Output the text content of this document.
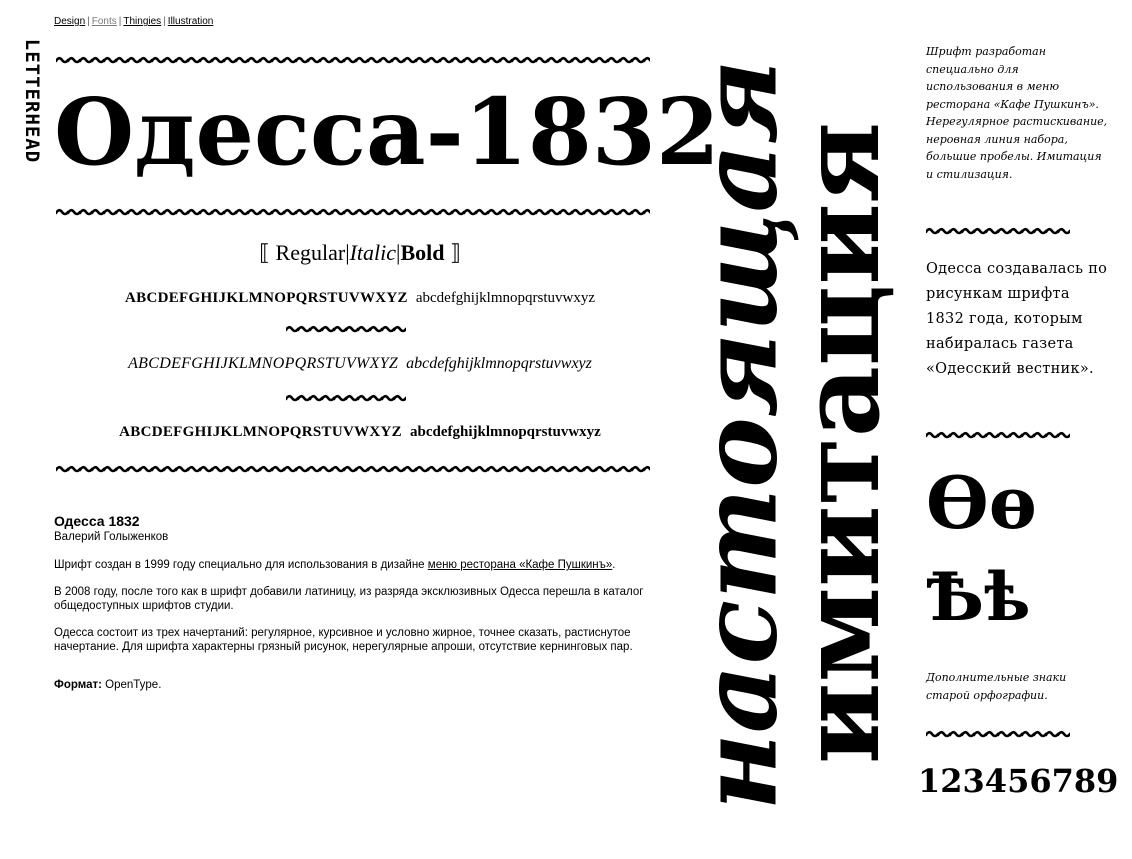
LETTERHEAD
Design | Fonts | Thingies | Illustration
Одесса-1832
⟦ Regular|Italic|Bold ⟧
ABCDEFGHIJKLMNOPQRSTUVWXYZ abcdefghijklmnopqrstuvwxyz
ABCDEFGHIJKLMNOPQRSTUVWXYZ abcdefghijklmnopqrstuvwxyz
ABCDEFGHIJKLMNOPQRSTUVWXYZ abcdefghijklmnopqrstuvwxyz
Одесса 1832
Валерий Голыженков

Шрифт создан в 1999 году специально для использования в дизайне меню ресторана «Кафе Пушкинъ».

В 2008 году, после того как в шрифт добавили латиницу, из разряда эксклюзивных Одесса перешла в каталог общедоступных шрифтов студии.

Одесса состоит из трех начертаний: регулярное, курсивное и условно жирное, точнее сказать, растиснутое начертание. Для шрифта характерны грязный рисунок, нерегулярные апроши, отсутствие кернинговых пар.

Формат: OpenType.	настоящая
имитация
Шрифт разработан специально для использования в меню ресторана «Кафе Пушкинъ». Нерегулярное растискивание, неровная линия набора, большие пробелы. Имитация и стилизация.
Одесса создавалась по рисункам шрифта 1832 года, которым набиралась газета «Одесский вестник».
Өө
Ѣѣ
Дополнительные знаки старой орфографии.
123456789
